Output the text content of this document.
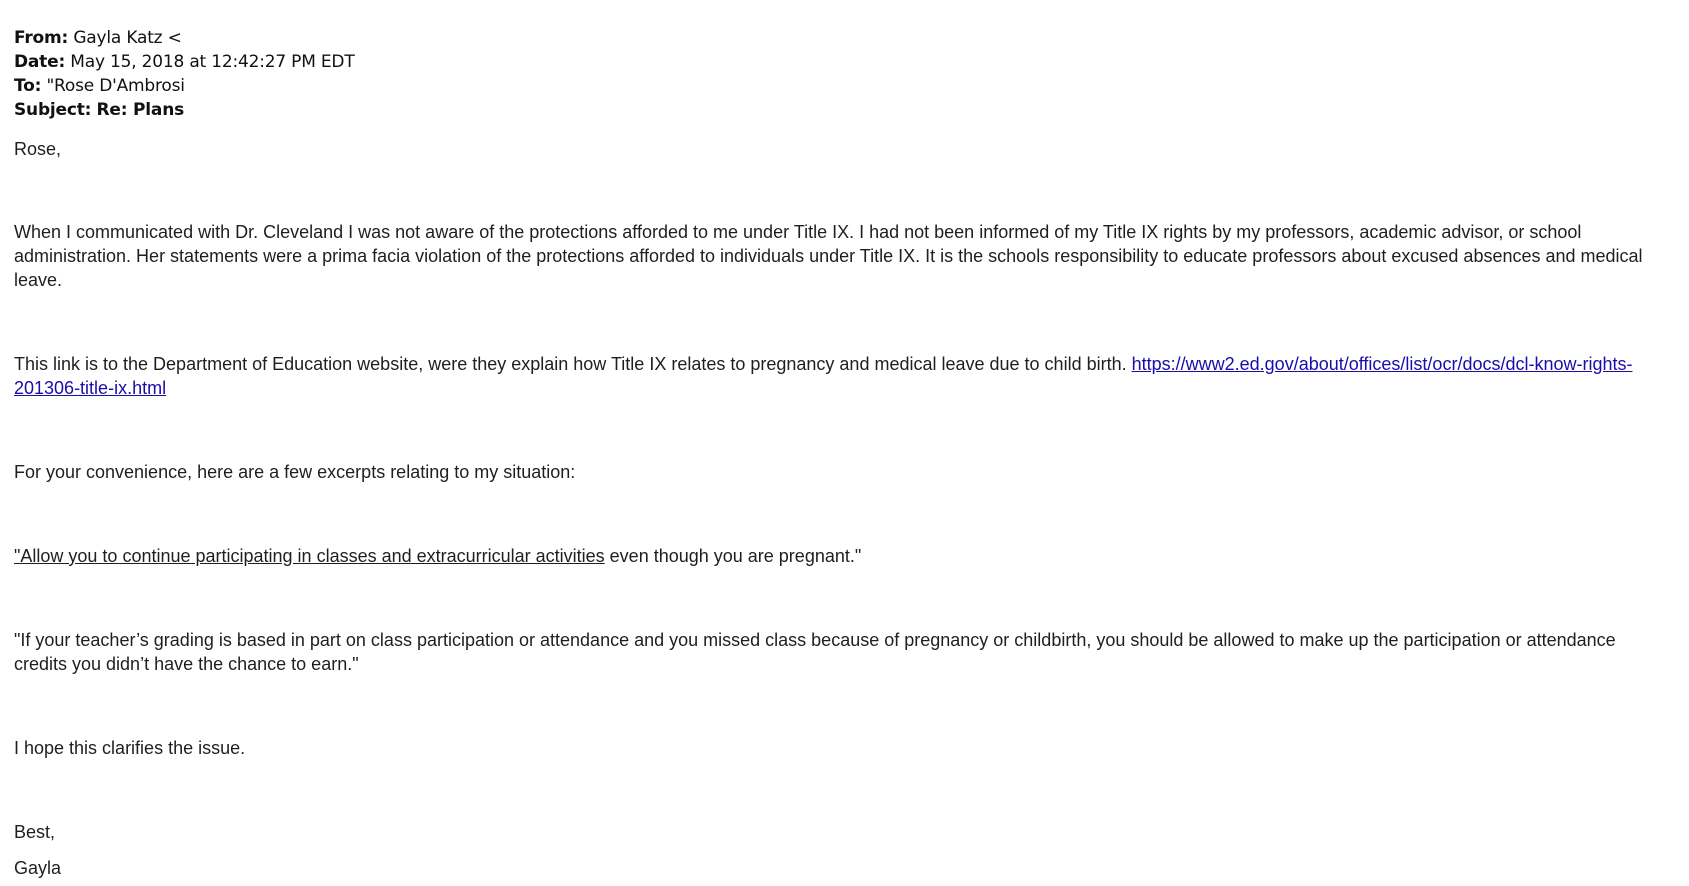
From: Gayla Katz <
Date: May 15, 2018 at 12:42:27 PM EDT
To: "Rose D'Ambrosi
Subject: Re: Plans

Rose,

When I communicated with Dr. Cleveland I was not aware of the protections afforded to me under Title IX. I had not been informed of my Title IX rights by my professors, academic advisor, or school administration. Her statements were a prima facia violation of the protections afforded to individuals under Title IX. It is the schools responsibility to educate professors about excused absences and medical leave.

This link is to the Department of Education website, were they explain how Title IX relates to pregnancy and medical leave due to child birth. https://www2.ed.gov/about/offices/list/ocr/docs/dcl-know-rights-201306-title-ix.html

For your convenience, here are a few excerpts relating to my situation:

"Allow you to continue participating in classes and extracurricular activities even though you are pregnant."

"If your teacher’s grading is based in part on class participation or attendance and you missed class because of pregnancy or childbirth, you should be allowed to make up the participation or attendance credits you didn’t have the chance to earn."

I hope this clarifies the issue.

Best,

Gayla
